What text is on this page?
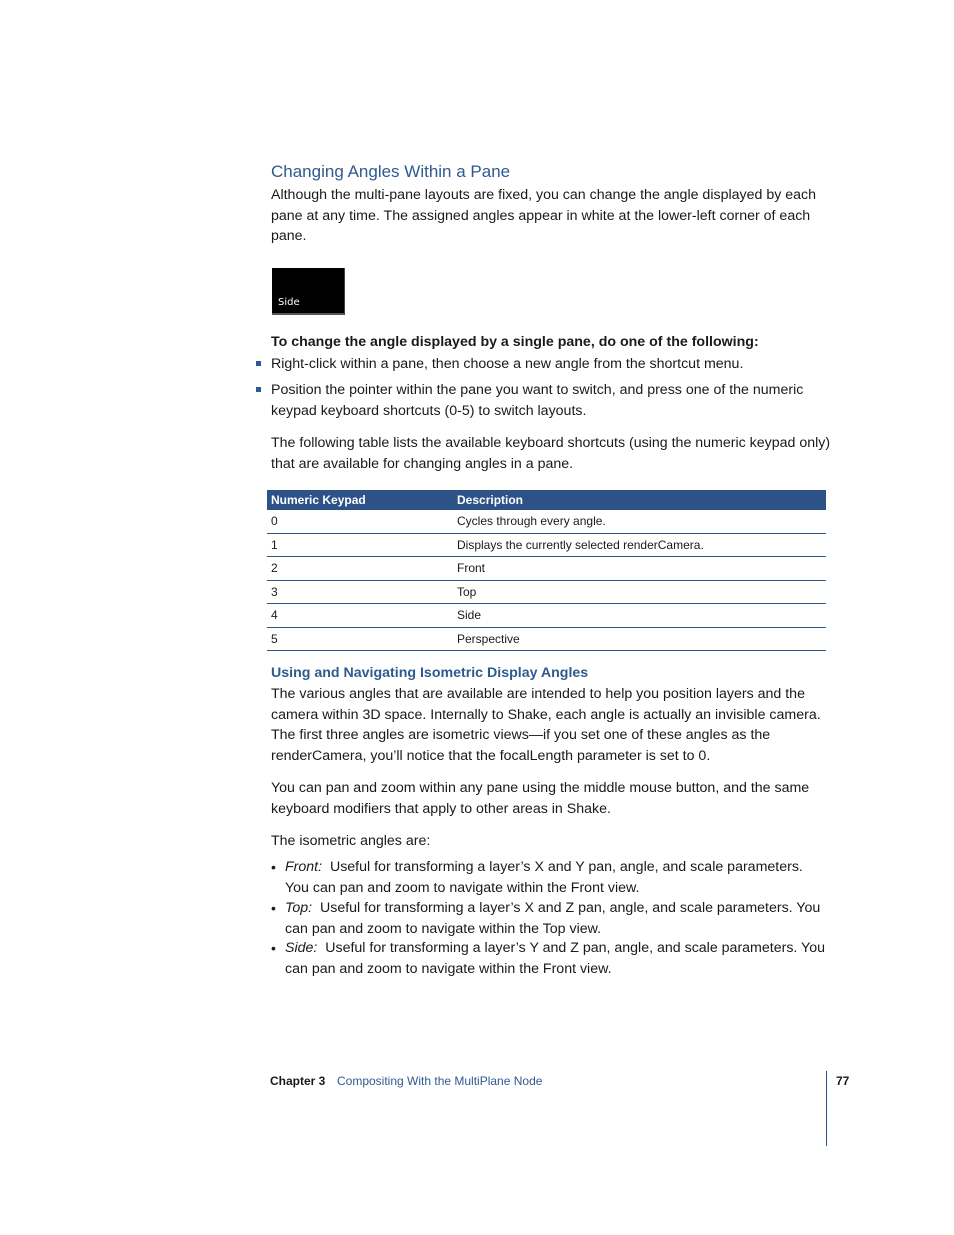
Changing Angles Within a Pane
Although the multi-pane layouts are fixed, you can change the angle displayed by each pane at any time. The assigned angles appear in white at the lower-left corner of each pane.
Side
To change the angle displayed by a single pane, do one of the following:
Right-click within a pane, then choose a new angle from the shortcut menu.
Position the pointer within the pane you want to switch, and press one of the numeric keypad keyboard shortcuts (0-5) to switch layouts.
The following table lists the available keyboard shortcuts (using the numeric keypad only) that are available for changing angles in a pane.
Numeric Keypad	Description
0	Cycles through every angle.
1	Displays the currently selected renderCamera.
2	Front
3	Top
4	Side
5	Perspective
Using and Navigating Isometric Display Angles
The various angles that are available are intended to help you position layers and the camera within 3D space. Internally to Shake, each angle is actually an invisible camera. The first three angles are isometric views—if you set one of these angles as the renderCamera, you’ll notice that the focalLength parameter is set to 0.
You can pan and zoom within any pane using the middle mouse button, and the same keyboard modifiers that apply to other areas in Shake.
The isometric angles are:
• Front: Useful for transforming a layer’s X and Y pan, angle, and scale parameters. You can pan and zoom to navigate within the Front view.
• Top: Useful for transforming a layer’s X and Z pan, angle, and scale parameters. You can pan and zoom to navigate within the Top view.
• Side: Useful for transforming a layer’s Y and Z pan, angle, and scale parameters. You can pan and zoom to navigate within the Front view.
Chapter 3 Compositing With the MultiPlane Node	77
